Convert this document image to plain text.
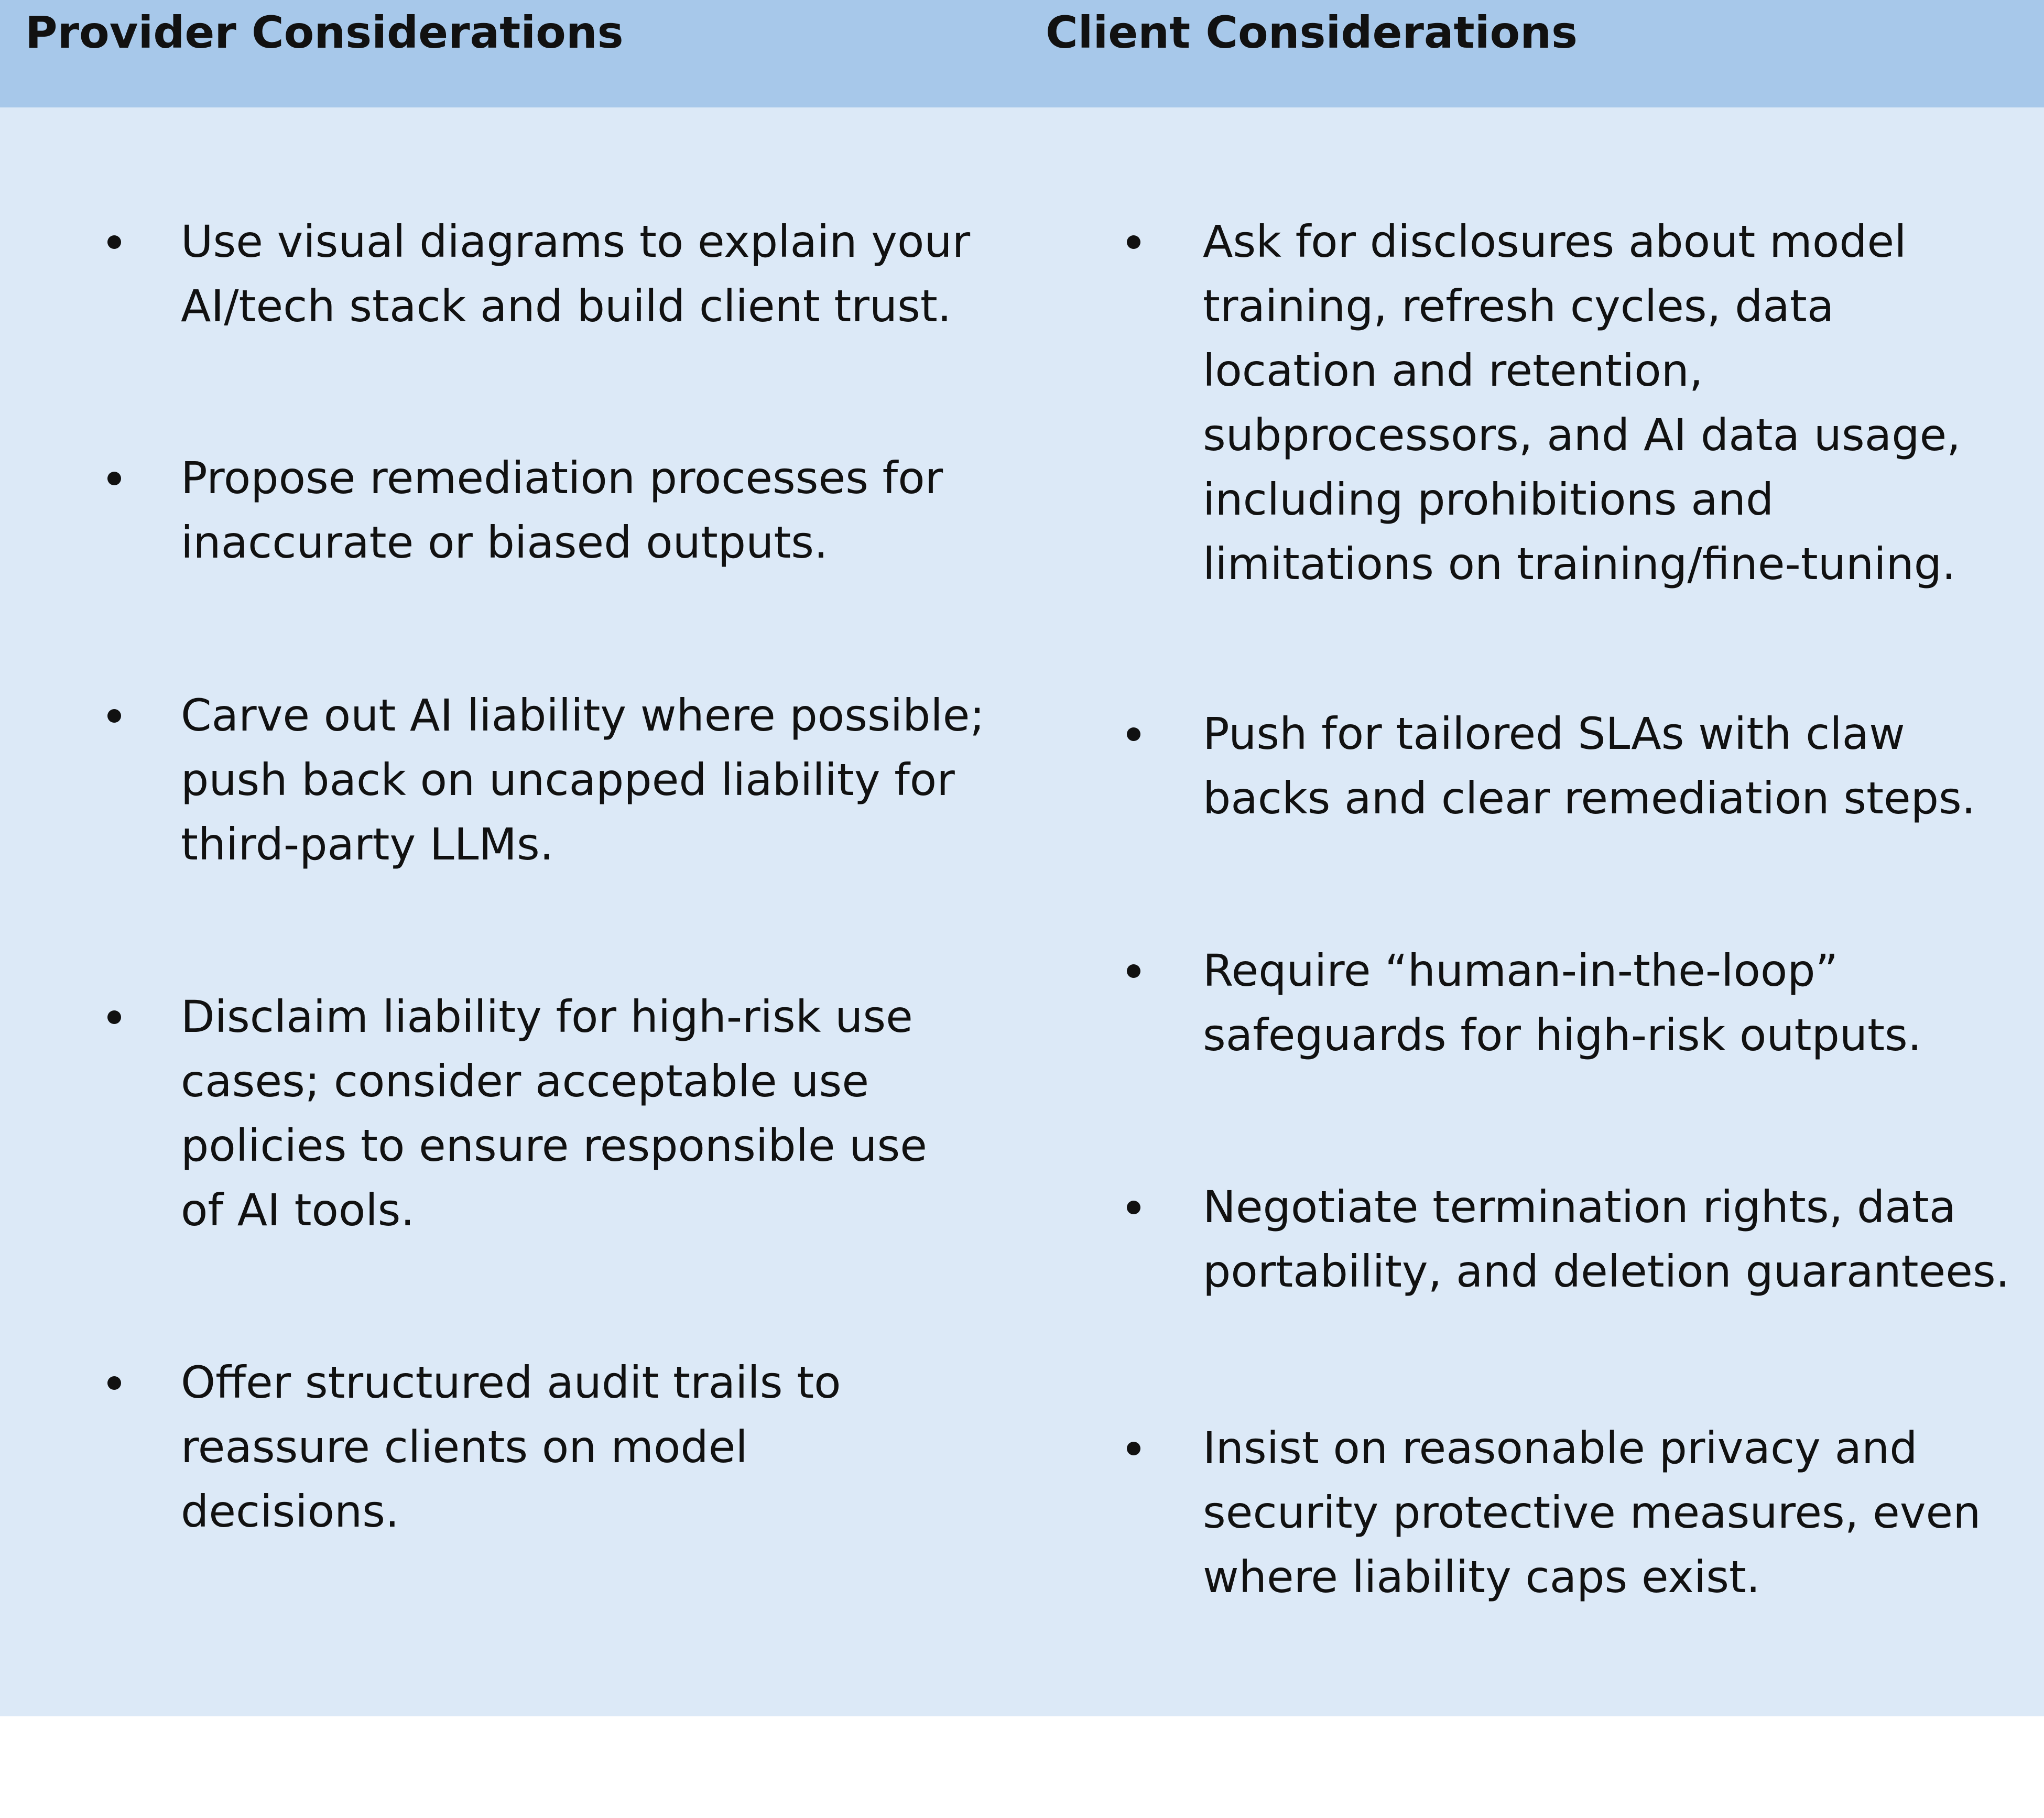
Provider Considerations	Client Considerations
Use visual diagrams to explain your
AI/tech stack and build client trust.
Propose remediation processes for
inaccurate or biased outputs.
Carve out AI liability where possible;
push back on uncapped liability for
third-party LLMs.
Disclaim liability for high-risk use
cases; consider acceptable use
policies to ensure responsible use
of AI tools.
Offer structured audit trails to
reassure clients on model
decisions.
Ask for disclosures about model
training, refresh cycles, data
location and retention,
subprocessors, and AI data usage,
including prohibitions and
limitations on training/fine-tuning.
Push for tailored SLAs with claw
backs and clear remediation steps.
Require “human-in-the-loop”
safeguards for high-risk outputs.
Negotiate termination rights, data
portability, and deletion guarantees.
Insist on reasonable privacy and
security protective measures, even
where liability caps exist.
